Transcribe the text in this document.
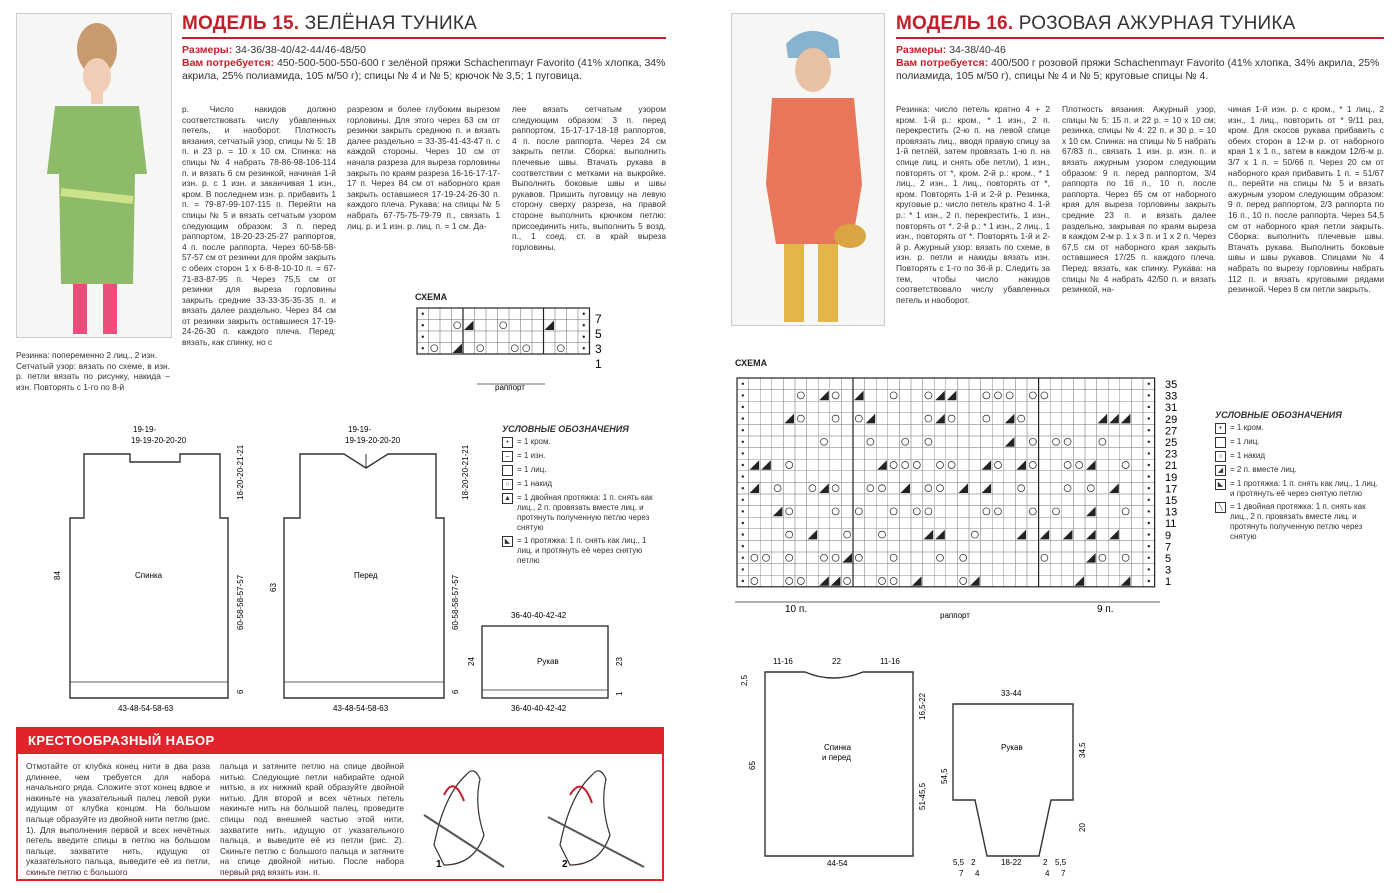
МОДЕЛЬ 15. ЗЕЛЁНАЯ ТУНИКА
Размеры: 34-36/38-40/42-44/46-48/50
Вам потребуется: 450-500-500-550-600 г зелёной пряжи Schachenmayr Favorito (41% хлопка, 34% акрила, 25% полиамида, 105 м/50 г); спицы № 4 и № 5; крючок № 3,5; 1 пуговица.
р. Число накидов должно соответствовать числу убавленных петель, и наоборот. Плотность вязания, сетчатый узор, спицы № 5: 18 п. и 23 р. = 10 х 10 см. Спинка: на спицы № 4 набрать 78-86-98-106-114 п. и вязать 6 см резинкой, начиная 1-й изн. р. с 1 изн. и заканчивая 1 изн., кром. В последнем изн. р. прибавить 1 п. = 79-87-99-107-115 п. Перейти на спицы № 5 и вязать сетчатым узором следующим образом: 3 п. перед раппортом, 18-20-23-25-27 раппортов, 4 п. после раппорта. Через 60-58-58-57-57 см от резинки для пройм закрыть с обеих сторон 1 x 6-8-8-10-10 п. = 67-71-83-87-95 п. Через 75,5 см от резинки для выреза горловины закрыть средние 33-33-35-35-35 п. и вязать далее раздельно. Через 84 см от резинки закрыть оставшиеся 17-19-24-26-30 п. каждого плеча. Перед: вязать, как спинку, но с
разрезом и более глубоким вырезом горловины. Для этого через 63 см от резинки закрыть среднюю п. и вязать далее раздельно = 33-35-41-43-47 п. с каждой стороны. Через 10 см от начала разреза для выреза горловины закрыть по краям разреза 16-16-17-17-17 п. Через 84 см от наборного края закрыть оставшиеся 17-19-24-26-30 п. каждого плеча. Рукава: на спицы № 5 набрать 67-75-75-79-79 п., связать 1 лиц. р. и 1 изн. р. лиц. п. = 1 см. Да-
лее вязать сетчатым узором следующим образом: 3 п. перед раппортом, 15-17-17-18-18 раппортов, 4 п. после раппорта. Через 24 см закрыть петли. Сборка: выполнить плечевые швы. Втачать рукава в соответствии с метками на выкройке. Выполнить боковые швы и швы рукавов. Пришить пуговицу на левую сторону сверху разреза, на правой стороне выполнить крючком петлю: присоединить нить, выполнить 5 возд. п., 1 соед. ст. в край выреза горловины.
Резинка: попеременно 2 лиц., 2 изн.
Сетчатый узор: вязать по схеме, в изн. р. петли вязать по рисунку, накида – изн. Повторять с 1-го по 8-й
СХЕМА
7
5
3
1
раппорт
УСЛОВНЫЕ ОБОЗНАЧЕНИЯ
•	= 1 кром.
– = 1 изн.
= 1 лиц.
○ = 1 накид
▲ = 1 двойная протяжка: 1 п. снять как лиц., 2 п. провязать вместе лиц. и протянуть полученную петлю через снятую
◣ = 1 протяжка: 1 п. снять как лиц., 1 лиц. и протянуть её через снятую петлю
Спинка
19-19-
19-19-20-20-20
18-20-20-21-21
84	60-58-58-57-57
6
43-48-54-58-63
Перед
19-19-
19-19-20-20-20
18-20-20-21-21
63	60-58-58-57-57
6
43-48-54-58-63
Рукав
36-40-40-42-42
24	23
1
36-40-40-42-42
КРЕСТООБРАЗНЫЙ НАБОР
Отмотайте от клубка конец нити в два раза длиннее, чем требуется для набора начального ряда. Сложите этот конец вдвое и накиньте на указательный палец левой руки идущим от клубка концом. На большом пальце образуйте из двойной нити петлю (рис. 1). Для выполнения первой и всех нечётных петель введите спицы в петлю на большом пальце, захватите нить, идущую от указательного пальца, выведите её из петли, скиньте петлю с большого
пальца и затяните петлю на спице двойной нитью. Следующие петли набирайте одной нитью, а их нижний край образуйте двойной нитью. Для второй и всех чётных петель накиньте нить на большой палец, проведите спицы под внешней частью этой нити, захватите нить, идущую от указательного пальца, и выведите её из петли (рис. 2). Скиньте петлю с большого пальца и затяните на спице двойной нитью. После набора первый ряд вязать изн. п.
1	2
МОДЕЛЬ 16. РОЗОВАЯ АЖУРНАЯ ТУНИКА
Размеры: 34-38/40-46
Вам потребуется: 400/500 г розовой пряжи Schachenmayr Favorito (41% хлопка, 34% акрила, 25% полиамида, 105 м/50 г), спицы № 4 и № 5; круговые спицы № 4.
Резинка: число петель кратно 4 + 2 кром. 1-й р.: кром., * 1 изн., 2 п. перекрестить (2-ю п. на левой спице провязать лиц., вводя правую спицу за 1-й петлёй, затем провязать 1-ю п. на спице лиц. и снять обе петли), 1 изн., повторять от *, кром. 2-й р.: кром., * 1 лиц., 2 изн., 1 лиц., повторять от *, кром. Повторять 1-й и 2-й р. Резинка, круговые р.: число петель кратно 4. 1-й р.: * 1 изн., 2 п. перекрестить, 1 изн., повторять от *. 2-й р.: * 1 изн., 2 лиц., 1 изн., повторять от *. Повторять 1-й и 2-й р. Ажурный узор: вязать по схеме, в изн. р. петли и накиды вязать изн. Повторять с 1-го по 36-й р. Следить за тем, чтобы число накидов соответствовало числу убавленных петель и наоборот.
Плотность вязания. Ажурный узор, спицы № 5: 15 п. и 22 р. = 10 х 10 см; резинка, спицы № 4: 22 п. и 30 р. = 10 х 10 см. Спинка: на спицы № 5 набрать 67/83 п., связать 1 изн. р. изн. п. и вязать ажурным узором следующим образом: 9 п. перед раппортом, 3/4 раппорта по 16 п., 10 п. после раппорта. Через 65 см от наборного края для выреза горловины закрыть средние 23 п. и вязать далее раздельно, закрывая по краям выреза в каждом 2-м р. 1 x 3 п. и 1 x 2 п. Через 67,5 см от наборного края закрыть оставшиеся 17/25 п. каждого плеча. Перед: вязать, как спинку. Рукава: на спицы № 4 набрать 42/50 п. и вязать резинкой, на-
чиная 1-й изн. р. с кром., * 1 лиц., 2 изн., 1 лиц., повторить от * 9/11 раз, кром. Для скосов рукава прибавить с обеих сторон в 12-м р. от наборного края 1 x 1 п., затем в каждом 12/6-м р. 3/7 x 1 п. = 50/66 п. Через 20 см от наборного края прибавить 1 п. = 51/67 п., перейти на спицы № 5 и вязать ажурным узором следующим образом: 9 п. перед раппортом, 2/3 раппорта по 16 п., 10 п. после раппорта. Через 54,5 см от наборного края петли закрыть. Сборка: выполнить плечевые швы. Втачать рукава. Выполнить боковые швы и швы рукавов. Спицами № 4 набрать по вырезу горловины набрать 112 п. и вязать круговыми рядами резинкой. Через 8 см петли закрыть.
СХЕМА
35
33
31
29
27
25
23
21
19
17
15
13
11
9
7
5
3
1
10 п.
раппорт
9 п.
УСЛОВНЫЕ ОБОЗНАЧЕНИЯ
•	= 1 кром.
= 1 лиц.
○ = 1 накид
◢ = 2 п. вместе лиц.
◣ = 1 протяжка: 1 п. снять как лиц., 1 лиц. и протянуть её через снятую петлю
╲ = 1 двойная протяжка: 1 п. снять как лиц., 2 п. провязать вместе лиц. и протянуть полученную петлю через снятую
Спинка
и перед
11-16	22	11-16
2,5
16,5-22
65
51-45,5
44-54
Рукав
33-44
54,5
34,5
20
5,5 2	18-22	2 5,5
7 4	4 7
